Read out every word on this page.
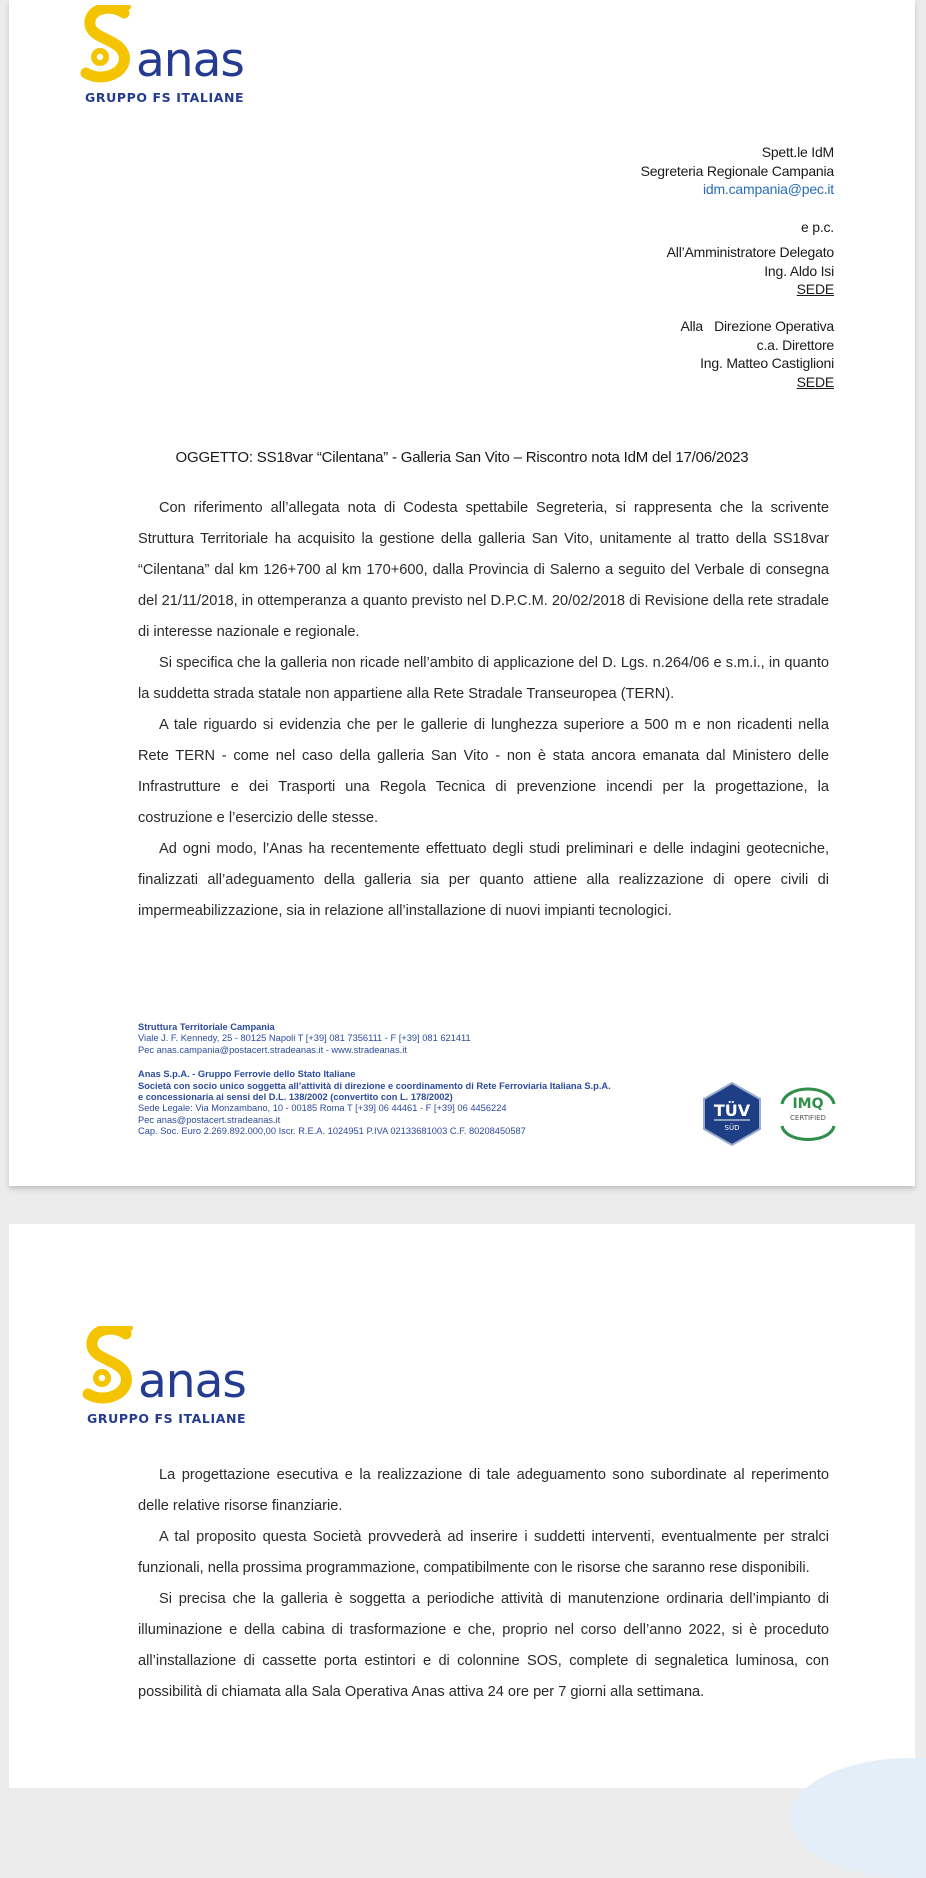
anas
GRUPPO FS ITALIANE
Spett.le IdM
Segreteria Regionale Campania
idm.campania@pec.it
e p.c.
All’Amministratore Delegato
Ing. Aldo Isi
SEDE
Alla   Direzione Operativa
c.a. Direttore
Ing. Matteo Castiglioni
SEDE
OGGETTO: SS18var “Cilentana” - Galleria San Vito – Riscontro nota IdM del 17/06/2023

Con riferimento all’allegata nota di Codesta spettabile Segreteria, si rappresenta che la scrivente Struttura Territoriale ha acquisito la gestione della galleria San Vito, unitamente al tratto della SS18var “Cilentana” dal km 126+700 al km 170+600, dalla Provincia di Salerno a seguito del Verbale di consegna del 21/11/2018, in ottemperanza a quanto previsto nel D.P.C.M. 20/02/2018 di Revisione della rete stradale di interesse nazionale e regionale.

Si specifica che la galleria non ricade nell’ambito di applicazione del D. Lgs. n.264/06 e s.m.i., in quanto la suddetta strada statale non appartiene alla Rete Stradale Transeuropea (TERN).

A tale riguardo si evidenzia che per le gallerie di lunghezza superiore a 500 m e non ricadenti nella Rete TERN - come nel caso della galleria San Vito - non è stata ancora emanata dal Ministero delle Infrastrutture e dei Trasporti una Regola Tecnica di prevenzione incendi per la progettazione, la costruzione e l’esercizio delle stesse.

Ad ogni modo, l’Anas ha recentemente effettuato degli studi preliminari e delle indagini geotecniche, finalizzati all’adeguamento della galleria sia per quanto attiene alla realizzazione di opere civili di impermeabilizzazione, sia in relazione all’installazione di nuovi impianti tecnologici.

Struttura Territoriale Campania
Viale J. F. Kennedy, 25 - 80125 Napoli T [+39] 081 7356111 - F [+39] 081 621411
Pec anas.campania@postacert.stradeanas.it - www.stradeanas.it
Anas S.p.A. - Gruppo Ferrovie dello Stato Italiane
Società con socio unico soggetta all’attività di direzione e coordinamento di Rete Ferroviaria Italiana S.p.A.
e concessionaria ai sensi del D.L. 138/2002 (convertito con L. 178/2002)
Sede Legale: Via Monzambano, 10 - 00185 Roma T [+39] 06 44461 - F [+39] 06 4456224
Pec anas@postacert.stradeanas.it
Cap. Soc. Euro 2.269.892.000,00 Iscr. R.E.A. 1024951 P.IVA 02133681003 C.F. 80208450587
TÜV
SÜD
IMQ
CERTIFIED
anas
GRUPPO FS ITALIANE

La progettazione esecutiva e la realizzazione di tale adeguamento sono subordinate al reperimento delle relative risorse finanziarie.

A tal proposito questa Società provvederà ad inserire i suddetti interventi, eventualmente per stralci funzionali, nella prossima programmazione, compatibilmente con le risorse che saranno rese disponibili.

Si precisa che la galleria è soggetta a periodiche attività di manutenzione ordinaria dell’impianto di illuminazione e della cabina di trasformazione e che, proprio nel corso dell’anno 2022, si è proceduto all’installazione di cassette porta estintori e di colonnine SOS, complete di segnaletica luminosa, con possibilità di chiamata alla Sala Operativa Anas attiva 24 ore per 7 giorni alla settimana.
